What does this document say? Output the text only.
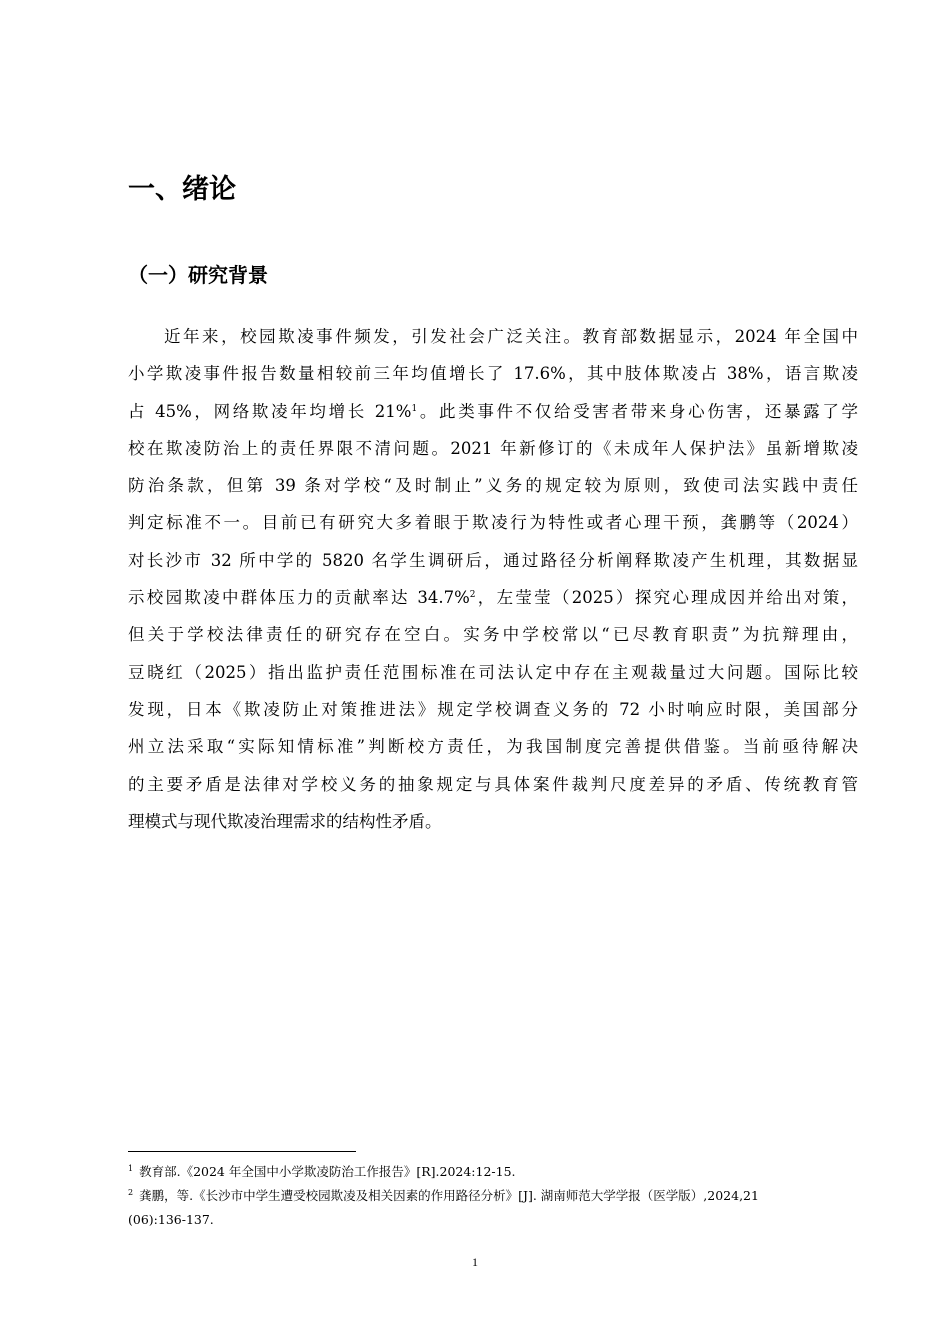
一、绪论
（一）研究背景
近年来，校园欺凌事件频发，引发社会广泛关注。教育部数据显示，2024 年全国中
小学欺凌事件报告数量相较前三年均值增长了 17.6%，其中肢体欺凌占 38%，语言欺凌
占 45%，网络欺凌年均增长 21%$^1$。此类事件不仅给受害者带来身心伤害，还暴露了学
校在欺凌防治上的责任界限不清问题。2021 年新修订的《未成年人保护法》虽新增欺凌
防治条款，但第 39 条对学校“及时制止”义务的规定较为原则，致使司法实践中责任
判定标准不一。目前已有研究大多着眼于欺凌行为特性或者心理干预，龚鹏等（2024）
对长沙市 32 所中学的 5820 名学生调研后，通过路径分析阐释欺凌产生机理，其数据显
示校园欺凌中群体压力的贡献率达 34.7%$^2$，左莹莹（2025）探究心理成因并给出对策，
但关于学校法律责任的研究存在空白。实务中学校常以“已尽教育职责”为抗辩理由，
豆晓红（2025）指出监护责任范围标准在司法认定中存在主观裁量过大问题。国际比较
发现，日本《欺凌防止对策推进法》规定学校调查义务的 72 小时响应时限，美国部分
州立法采取“实际知情标准”判断校方责任，为我国制度完善提供借鉴。当前亟待解决
的主要矛盾是法律对学校义务的抽象规定与具体案件裁判尺度差异的矛盾、传统教育管
理模式与现代欺凌治理需求的结构性矛盾。
$^1$ 教育部.《2024 年全国中小学欺凌防治工作报告》[R].2024:12-15.
$^2$ 龚鹏，等.《长沙市中学生遭受校园欺凌及相关因素的作用路径分析》[J]. 湖南师范大学学报（医学版）,2024,21
(06):136-137.
1
